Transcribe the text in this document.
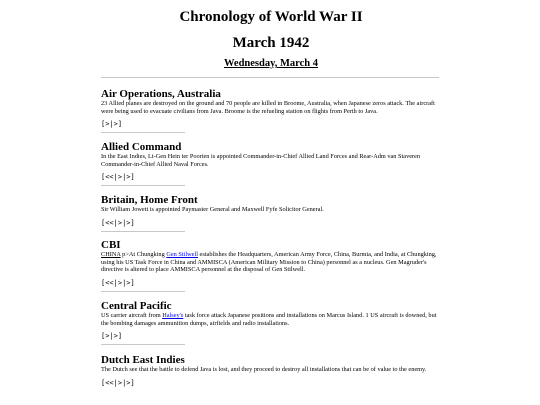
Chronology of World War II
March 1942
Wednesday, March 4
Air Operations, Australia

23 Allied planes are destroyed on the ground and 70 people are killed in Broome, Australia, when Japanese zeros attack. The aircraft were being used to evacuate civilians from Java. Broome is the refueling station on flights from Perth to Java.

[>|>]
Allied Command

In the East Indies, Lt-Gen Hein ter Poorten is appointed Commander-in-Chief Allied Land Forces and Rear-Adm van Staveren Commander-in-Chief Allied Naval Forces.

[<<|>|>]
Britain, Home Front

Sir William Jowett is appointed Paymaster General and Maxwell Fyfe Solicitor General.

[<<|>|>]
CBI

CHINA p>At Chungking Gen Stilwell establishes the Headquarters, American Army Force, China, Burmia, and India, at Chungking, using his US Task Force in China and AMMISCA (American Military Mission to China) personnel as a nucleus. Gen Magruder's directive is altered to place AMMISCA personnel at the disposal of Gen Stilwell.

[<<|>|>]
Central Pacific

US carrier aircraft from Halsey's task force attack Japanese positions and installations on Marcus Island. 1 US aircraft is downed, but the bombing damages ammunition dumps, airfields and radio installations.

[>|>]
Dutch East Indies

The Dutch see that the battle to defend Java is lost, and they proceed to destroy all installations that can be of value to the enemy.

[<<|>|>]
